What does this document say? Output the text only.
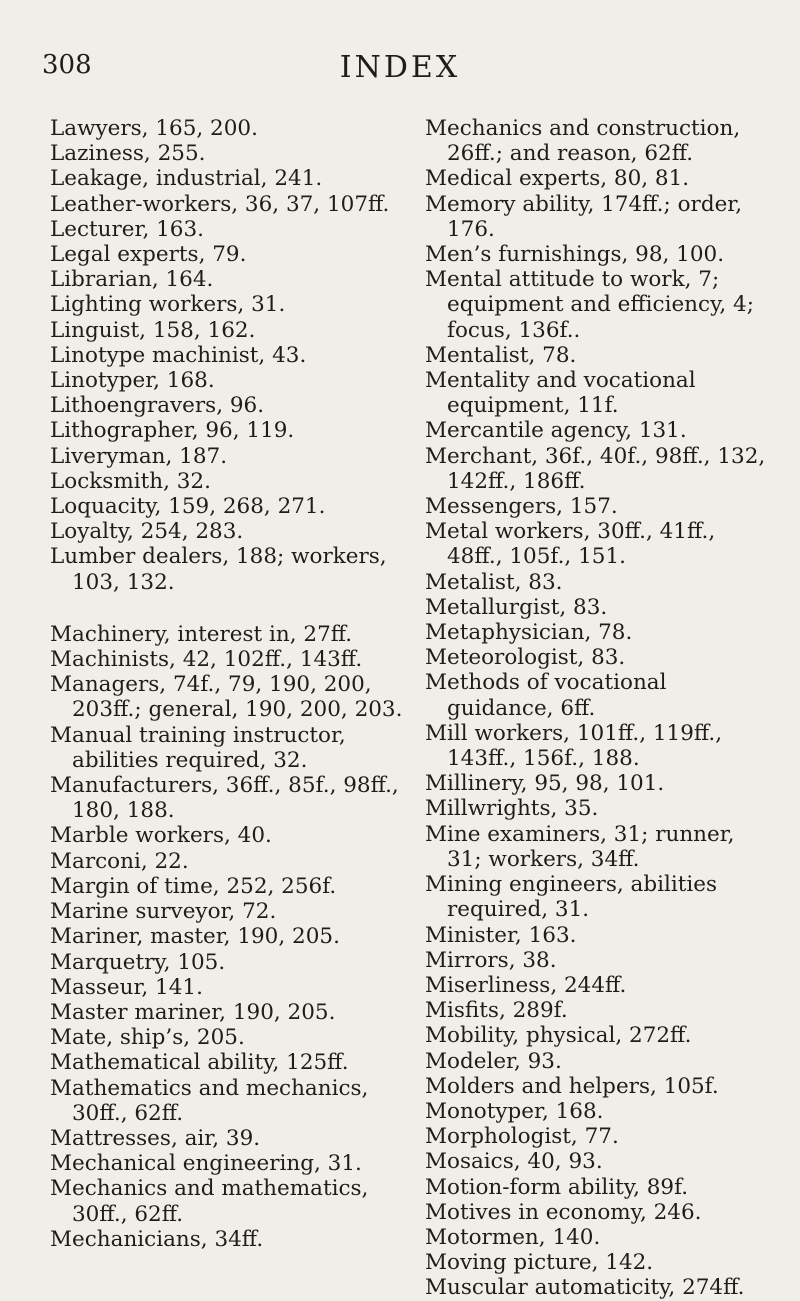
INDEX
308
Lawyers, 165, 200.
Laziness, 255.
Leakage, industrial, 241.
Leather-workers, 36, 37, 107ff.
Lecturer, 163.
Legal experts, 79.
Librarian, 164.
Lighting workers, 31.
Linguist, 158, 162.
Linotype machinist, 43.
Linotyper, 168.
Lithoengravers, 96.
Lithographer, 96, 119.
Liveryman, 187.
Locksmith, 32.
Loquacity, 159, 268, 271.
Loyalty, 254, 283.
Lumber dealers, 188; workers, 103, 132.
Machinery, interest in, 27ff.
Machinists, 42, 102ff., 143ff.
Managers, 74f., 79, 190, 200, 203ff.; general, 190, 200, 203.
Manual training instructor, abilities required, 32.
Manufacturers, 36ff., 85f., 98ff., 180, 188.
Marble workers, 40.
Marconi, 22.
Margin of time, 252, 256f.
Marine surveyor, 72.
Mariner, master, 190, 205.
Marquetry, 105.
Masseur, 141.
Master mariner, 190, 205.
Mate, ship’s, 205.
Mathematical ability, 125ff.
Mathematics and mechanics, 30ff., 62ff.
Mattresses, air, 39.
Mechanical engineering, 31.
Mechanics and mathematics, 30ff., 62ff.
Mechanicians, 34ff.
Mechanics and construction, 26ff.; and reason, 62ff.
Medical experts, 80, 81.
Memory ability, 174ff.; order, 176.
Men’s furnishings, 98, 100.
Mental attitude to work, 7; equipment and efficiency, 4; focus, 136f..
Mentalist, 78.
Mentality and vocational equipment, 11f.
Mercantile agency, 131.
Merchant, 36f., 40f., 98ff., 132, 142ff., 186ff.
Messengers, 157.
Metal workers, 30ff., 41ff., 48ff., 105f., 151.
Metalist, 83.
Metallurgist, 83.
Metaphysician, 78.
Meteorologist, 83.
Methods of vocational guidance, 6ff.
Mill workers, 101ff., 119ff., 143ff., 156f., 188.
Millinery, 95, 98, 101.
Millwrights, 35.
Mine examiners, 31; runner, 31; workers, 34ff.
Mining engineers, abilities required, 31.
Minister, 163.
Mirrors, 38.
Miserliness, 244ff.
Misfits, 289f.
Mobility, physical, 272ff.
Modeler, 93.
Molders and helpers, 105f.
Monotyper, 168.
Morphologist, 77.
Mosaics, 40, 93.
Motion-form ability, 89f.
Motives in economy, 246.
Motormen, 140.
Moving picture, 142.
Muscular automaticity, 274ff.
